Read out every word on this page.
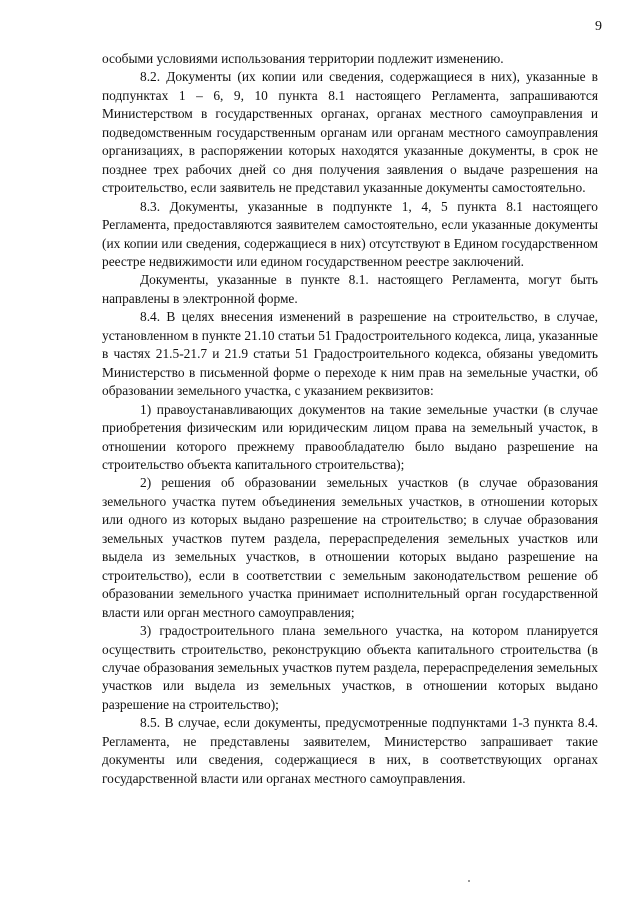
9

особыми условиями использования территории подлежит изменению.

8.2. Документы (их копии или сведения, содержащиеся в них), указанные в подпунктах 1 – 6, 9, 10 пункта 8.1 настоящего Регламента, запрашиваются Министерством в государственных органах, органах местного самоуправления и подведомственным государственным органам или органам местного самоуправления организациях, в распоряжении которых находятся указанные документы, в срок не позднее трех рабочих дней со дня получения заявления о выдаче разрешения на строительство, если заявитель не представил указанные документы самостоятельно.

8.3. Документы, указанные в подпункте 1, 4, 5 пункта 8.1 настоящего Регламента, предоставляются заявителем самостоятельно, если указанные документы (их копии или сведения, содержащиеся в них) отсутствуют в Едином государственном реестре недвижимости или едином государственном реестре заключений.

Документы, указанные в пункте 8.1. настоящего Регламента, могут быть направлены в электронной форме.

8.4. В целях внесения изменений в разрешение на строительство, в случае, установленном в пункте 21.10 статьи 51 Градостроительного кодекса, лица, указанные в частях 21.5-21.7 и 21.9 статьи 51 Градостроительного кодекса, обязаны уведомить Министерство в письменной форме о переходе к ним прав на земельные участки, об образовании земельного участка, с указанием реквизитов:

1) правоустанавливающих документов на такие земельные участки (в случае приобретения физическим или юридическим лицом права на земельный участок, в отношении которого прежнему правообладателю было выдано разрешение на строительство объекта капитального строительства);

2) решения об образовании земельных участков (в случае образования земельного участка путем объединения земельных участков, в отношении которых или одного из которых выдано разрешение на строительство; в случае образования земельных участков путем раздела, перераспределения земельных участков или выдела из земельных участков, в отношении которых выдано разрешение на строительство), если в соответствии с земельным законодательством решение об образовании земельного участка принимает исполнительный орган государственной власти или орган местного самоуправления;

3) градостроительного плана земельного участка, на котором планируется осуществить строительство, реконструкцию объекта капитального строительства (в случае образования земельных участков путем раздела, перераспределения земельных участков или выдела из земельных участков, в отношении которых выдано разрешение на строительство);

8.5. В случае, если документы, предусмотренные подпунктами 1-3 пункта 8.4. Регламента, не представлены заявителем, Министерство запрашивает такие документы или сведения, содержащиеся в них, в соответствующих органах государственной власти или органах местного самоуправления.
